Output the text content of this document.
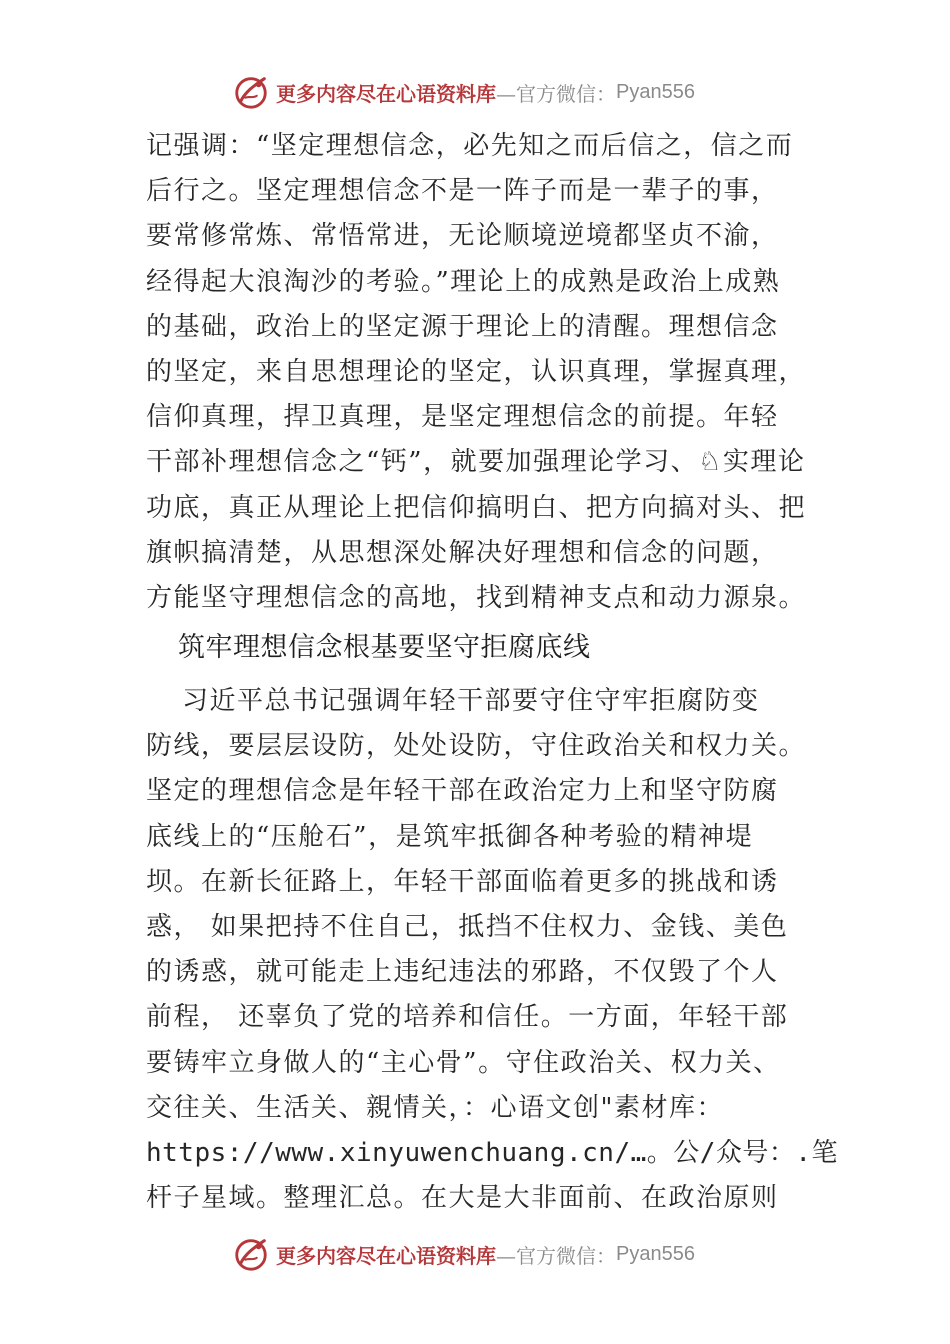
更多内容尽在心语资料库 —官方微信： Pyan556
记强调：“坚定理想信念，必先知之而后信之，信之而
后行之。坚定理想信念不是一阵子而是一辈子的事，
要常修常炼、常悟常进，无论顺境逆境都坚贞不渝，
经得起大浪淘沙的考验。”理论上的成熟是政治上成熟
的基础，政治上的坚定源于理论上的清醒。理想信念
的坚定，来自思想理论的坚定，认识真理，掌握真理，
信仰真理，捍卫真理，是坚定理想信念的前提。年轻
干部补理想信念之“钙”，就要加强理论学习、♘实理论
功底，真正从理论上把信仰搞明白、把方向搞对头、把
旗帜搞清楚，从思想深处解决好理想和信念的问题，
方能坚守理想信念的高地，找到精神支点和动力源泉。
筑牢理想信念根基要坚守拒腐底线
习近平总书记强调年轻干部要守住守牢拒腐防变
防线，要层层设防，处处设防，守住政治关和权力关。
坚定的理想信念是年轻干部在政治定力上和坚守防腐
底线上的“压舱石”，是筑牢抵御各种考验的精神堤
坝。在新长征路上，年轻干部面临着更多的挑战和诱
惑， 如果把持不住自己，抵挡不住权力、金钱、美色
的诱惑，就可能走上违纪违法的邪路，不仅毁了个人
前程， 还辜负了党的培养和信任。一方面，年轻干部
要铸牢立身做人的“主心骨”。守住政治关、权力关、
交往关、生活关、親情关，：心语文创"素材库：
https://www.xinyuwenchuang.cn/…。公/众号：.笔
杆子星域。整理汇总。在大是大非面前、在政治原则
更多内容尽在心语资料库 —官方微信： Pyan556
